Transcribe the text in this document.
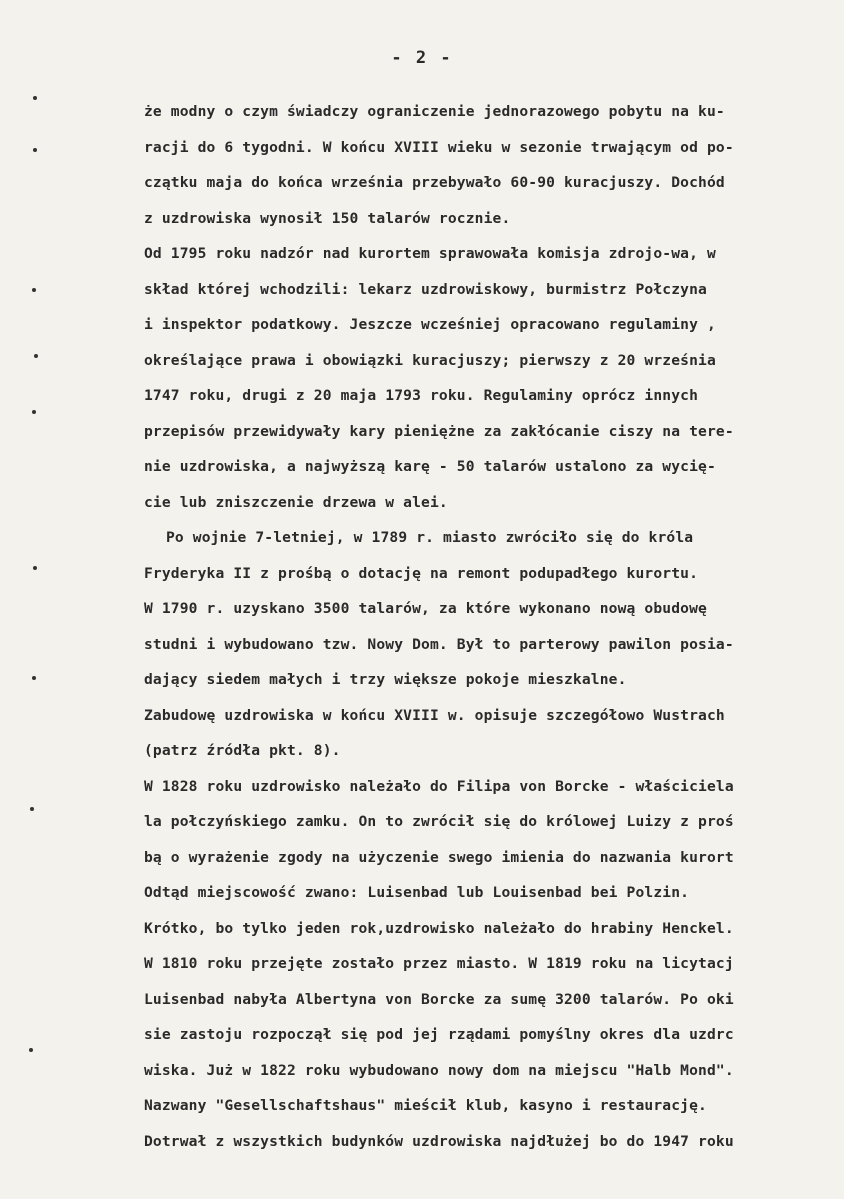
- 2 -
że modny o czym świadczy ograniczenie jednorazowego pobytu na ku-
racji do 6 tygodni. W końcu XVIII wieku w sezonie trwającym od po-
czątku maja do końca września przebywało 60-90 kuracjuszy. Dochód
z uzdrowiska wynosił 150 talarów rocznie.
Od 1795 roku nadzór nad kurortem sprawowała komisja zdrojo-wa, w
skład której wchodzili: lekarz uzdrowiskowy, burmistrz Połczyna
i inspektor podatkowy. Jeszcze wcześniej opracowano regulaminy ,
określające prawa i obowiązki kuracjuszy; pierwszy z 20 września
1747 roku, drugi z 20 maja 1793 roku. Regulaminy oprócz innych
przepisów przewidywały kary pieniężne za zakłócanie ciszy na tere-
nie uzdrowiska, a najwyższą karę - 50 talarów ustalono za wycię-
cie lub zniszczenie drzewa w alei.
Po wojnie 7-letniej, w 1789 r. miasto zwróciło się do króla
Fryderyka II z prośbą o dotację na remont podupadłego kurortu.
W 1790 r. uzyskano 3500 talarów, za które wykonano nową obudowę
studni i wybudowano tzw. Nowy Dom. Był to parterowy pawilon posia-
dający siedem małych i trzy większe pokoje mieszkalne.
Zabudowę uzdrowiska w końcu XVIII w. opisuje szczegółowo Wustrach
(patrz źródła pkt. 8).
W 1828 roku uzdrowisko należało do Filipa von Borcke - właściciela
la połczyńskiego zamku. On to zwrócił się do królowej Luizy z proś
bą o wyrażenie zgody na użyczenie swego imienia do nazwania kurort
Odtąd miejscowość zwano: Luisenbad lub Louisenbad bei Polzin.
Krótko, bo tylko jeden rok,uzdrowisko należało do hrabiny Henckel.
W 1810 roku przejęte zostało przez miasto. W 1819 roku na licytacj
Luisenbad nabyła Albertyna von Borcke za sumę 3200 talarów. Po oki
sie zastoju rozpoczął się pod jej rządami pomyślny okres dla uzdrc
wiska. Już w 1822 roku wybudowano nowy dom na miejscu "Halb Mond".
Nazwany "Gesellschaftshaus" mieścił klub, kasyno i restaurację.
Dotrwał z wszystkich budynków uzdrowiska najdłużej bo do 1947 roku
